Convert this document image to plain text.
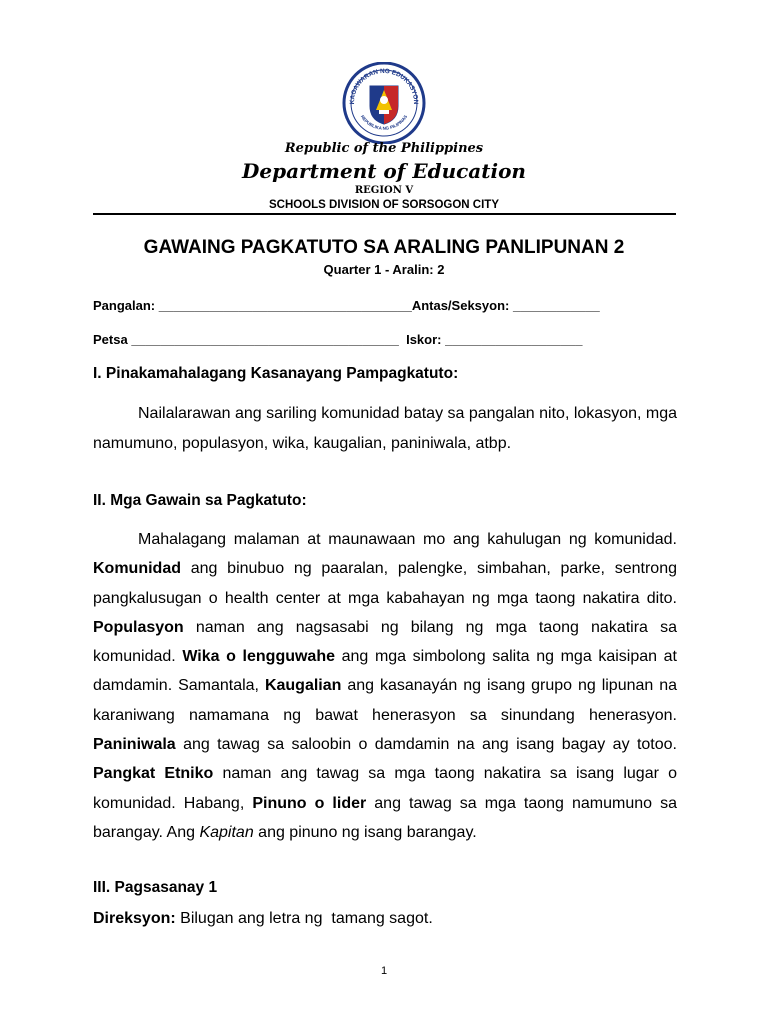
KAGAWARAN NG EDUKASYON
REPUBLIKA NG PILIPINAS
Republic of the Philippines
Department of Education
REGION V
SCHOOLS DIVISION OF SORSOGON CITY
GAWAING PAGKATUTO SA ARALING PANLIPUNAN 2
Quarter 1 - Aralin: 2
Pangalan: ___________________________________Antas/Seksyon: ____________
Petsa _____________________________________ Iskor: ___________________
I. Pinakamahalagang Kasanayang Pampagkatuto:
Nailalarawan ang sariling komunidad batay sa pangalan nito, lokasyon, mga namumuno, populasyon, wika, kaugalian, paniniwala, atbp.
II. Mga Gawain sa Pagkatuto:
Mahalagang malaman at maunawaan mo ang kahulugan ng komunidad. Komunidad ang binubuo ng paaralan, palengke, simbahan, parke, sentrong pangkalusugan o health center at mga kabahayan ng mga taong nakatira dito. Populasyon naman ang nagsasabi ng bilang ng mga taong nakatira sa komunidad. Wika o lengguwahe ang mga simbolong salita ng mga kaisipan at damdamin. Samantala, Kaugalian ang kasanayán ng isang grupo ng lipunan na karaniwang namamana ng bawat henerasyon sa sinundang henerasyon. Paniniwala ang tawag sa saloobin o damdamin na ang isang bagay ay totoo. Pangkat Etniko naman ang tawag sa mga taong nakatira sa isang lugar o komunidad. Habang, Pinuno o lider ang tawag sa mga taong namumuno sa barangay. Ang Kapitan ang pinuno ng isang barangay.
III. Pagsasanay 1
Direksyon: Bilugan ang letra ng  tamang sagot.
1
